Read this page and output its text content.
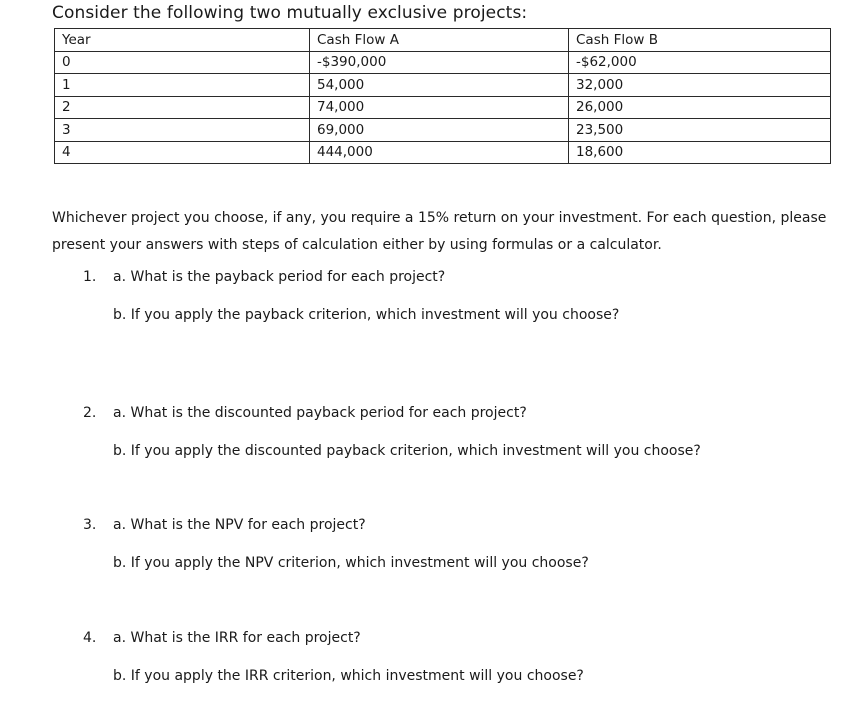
Consider the following two mutually exclusive projects:
Year	Cash Flow A	Cash Flow B
0	-$390,000	-$62,000
1	54,000	32,000
2	74,000	26,000
3	69,000	23,500
4	444,000	18,600
Whichever project you choose, if any, you require a 15% return on your investment. For each question, please present your answers with steps of calculation either by using formulas or a calculator.
1. a. What is the payback period for each project?
b. If you apply the payback criterion, which investment will you choose?
2. a. What is the discounted payback period for each project?
b. If you apply the discounted payback criterion, which investment will you choose?
3. a. What is the NPV for each project?
b. If you apply the NPV criterion, which investment will you choose?
4. a. What is the IRR for each project?
b. If you apply the IRR criterion, which investment will you choose?
